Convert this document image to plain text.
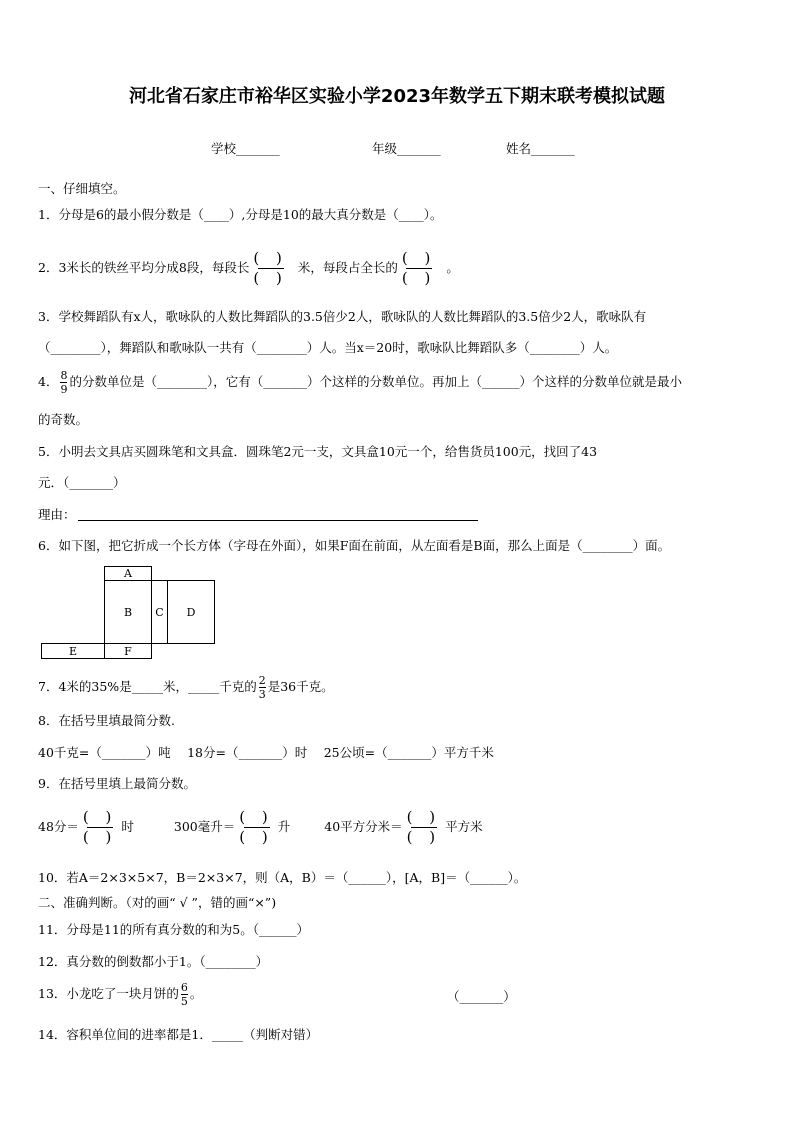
河北省石家庄市裕华区实验小学2023年数学五下期末联考模拟试题
学校_______	年级_______	姓名_______
一、仔细填空。
1．分母是6的最小假分数是（____）,分母是10的最大真分数是（____）。
2．3米长的铁丝平均分成8段，每段长
( )
( )
米，每段占全长的
( )
( )
。
3．学校舞蹈队有x人，歌咏队的人数比舞蹈队的3.5倍少2人，歌咏队的人数比舞蹈队的3.5倍少2人，歌咏队有
（________），舞蹈队和歌咏队一共有（________）人。当x＝20时，歌咏队比舞蹈队多（________）人。
4． $\frac{8}{9}$ 的分数单位是（________），它有（_______）个这样的分数单位。再加上（______）个这样的分数单位就是最小
的奇数。
5．小明去文具店买圆珠笔和文具盒．圆珠笔2元一支，文具盒10元一个，给售货员100元，找回了43
元．（_______）
理由：
6．如下图，把它折成一个长方体（字母在外面），如果F面在前面，从左面看是B面，那么上面是（________）面。
A
B	C	D
E	F
7．4米的35%是_____米，_____千克的 $\frac{2}{3}$ 是36千克。
8．在括号里填最简分数.
40千克=（_______）吨　 18分=（_______）时　 25公顷=（_______）平方千米
9．在括号里填上最简分数。
48分＝
( )
( )
时	300毫升＝
( )
( )
升	40平方分米＝
( )
( )
平方米
10．若A＝2×3×5×7，B＝2×3×7，则（A，B）＝（______），[A，B]＝（______）。
二、准确判断。（对的画“ √ ”，错的画“×”)
11．分母是11的所有真分数的和为5。（______）
12．真分数的倒数都小于1。（________）
13．小龙吃了一块月饼的 $\frac{6}{5}$ 。	（_______）
14．容积单位间的进率都是1．_____（判断对错）
